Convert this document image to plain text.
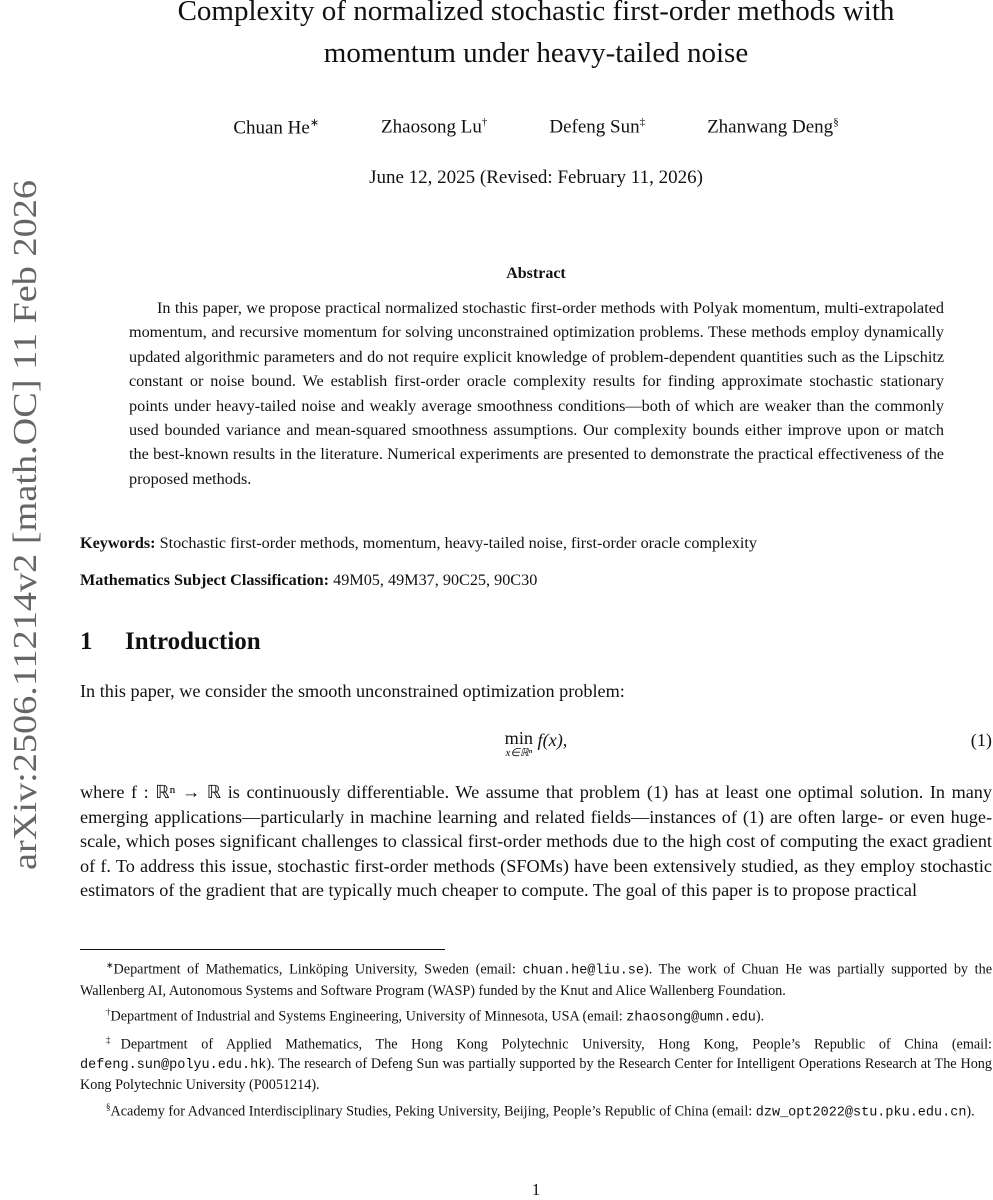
arXiv:2506.11214v2 [math.OC] 11 Feb 2026
Complexity of normalized stochastic first-order methods with
momentum under heavy-tailed noise
Chuan He∗	Zhaosong Lu†	Defeng Sun‡	Zhanwang Deng§
June 12, 2025 (Revised: February 11, 2026)
Abstract

In this paper, we propose practical normalized stochastic first-order methods with Polyak momentum, multi-extrapolated momentum, and recursive momentum for solving unconstrained optimization problems. These methods employ dynamically updated algorithmic parameters and do not require explicit knowledge of problem-dependent quantities such as the Lipschitz constant or noise bound. We establish first-order oracle complexity results for finding approximate stochastic stationary points under heavy-tailed noise and weakly average smoothness conditions—both of which are weaker than the commonly used bounded variance and mean-squared smoothness assumptions. Our complexity bounds either improve upon or match the best-known results in the literature. Numerical experiments are presented to demonstrate the practical effectiveness of the proposed methods.

Keywords: Stochastic first-order methods, momentum, heavy-tailed noise, first-order oracle complexity
Mathematics Subject Classification: 49M05, 49M37, 90C25, 90C30
1 Introduction
In this paper, we consider the smooth unconstrained optimization problem:
min
x∈ℝⁿ
f(x),	(1)

where f : ℝⁿ → ℝ is continuously differentiable. We assume that problem (1) has at least one optimal solution. In many emerging applications—particularly in machine learning and related fields—instances of (1) are often large- or even huge-scale, which poses significant challenges to classical first-order methods due to the high cost of computing the exact gradient of f. To address this issue, stochastic first-order methods (SFOMs) have been extensively studied, as they employ stochastic estimators of the gradient that are typically much cheaper to compute. The goal of this paper is to propose practical

∗Department of Mathematics, Linköping University, Sweden (email: chuan.he@liu.se). The work of Chuan He was partially supported by the Wallenberg AI, Autonomous Systems and Software Program (WASP) funded by the Knut and Alice Wallenberg Foundation.

†Department of Industrial and Systems Engineering, University of Minnesota, USA (email: zhaosong@umn.edu).

‡Department of Applied Mathematics, The Hong Kong Polytechnic University, Hong Kong, People’s Republic of China (email: defeng.sun@polyu.edu.hk). The research of Defeng Sun was partially supported by the Research Center for Intelligent Operations Research at The Hong Kong Polytechnic University (P0051214).

§Academy for Advanced Interdisciplinary Studies, Peking University, Beijing, People’s Republic of China (email: dzw_opt2022@stu.pku.edu.cn).

1
